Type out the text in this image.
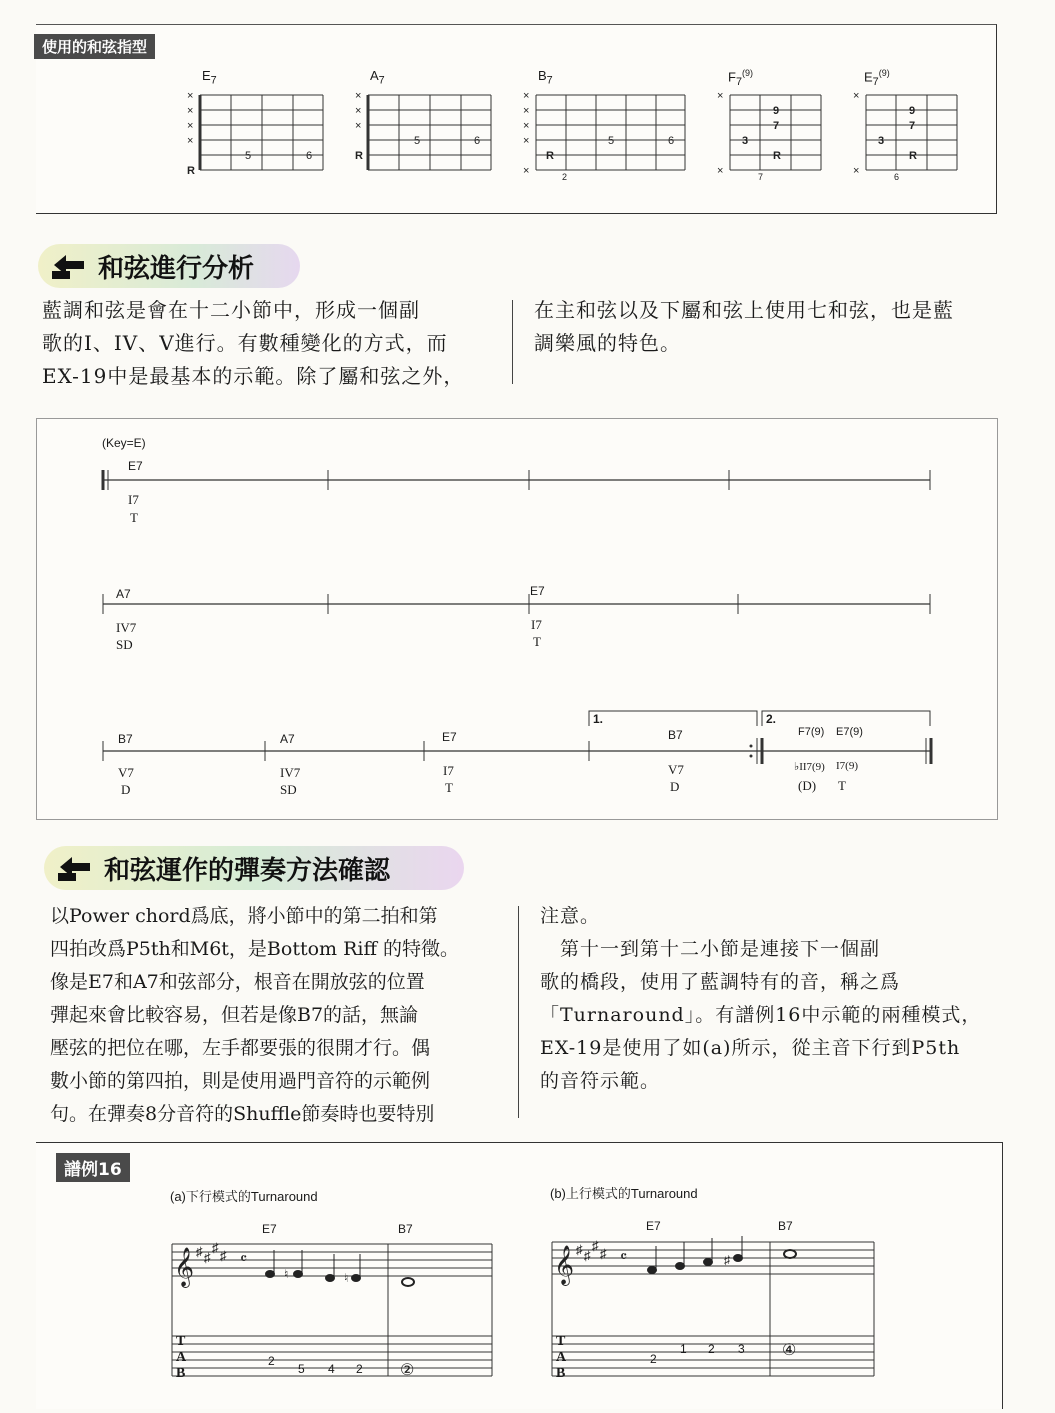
使用的和弦指型
$E_7$	$A_7$	$B_7$	$F_7^{(9)}$	$E_7^{(9)}$
×
×
×
×
R
5	6
×
×
×
R
5	6
×
×
×
×
×
R
5	6
2
×
×
9
7
3
R
7
×
×
9
7
3
R
6
和弦進行分析
藍調和弦是會在十二小節中，形成一個副
歌的I、IV、V進行。有數種變化的方式，而
EX-19中是最基本的示範。除了屬和弦之外，
在主和弦以及下屬和弦上使用七和弦，也是藍
調樂風的特色。
(Key=E)
1.	2.
E7
I7
T
A7
IV7
SD
E7
I7
T
B7
V7
D
A7
IV7
SD
E7
I7
T
B7
V7
D
F7(9)
♭II7(9)
(D)
E7(9)
I7(9)
T
和弦運作的彈奏方法確認
以Power chord爲底，將小節中的第二拍和第
四拍改爲P5th和M6t，是Bottom Riff 的特徵。
像是E7和A7和弦部分，根音在開放弦的位置
彈起來會比較容易，但若是像B7的話，無論
壓弦的把位在哪，左手都要張的很開才行。偶
數小節的第四拍，則是使用過門音符的示範例
句。在彈奏8分音符的Shuffle節奏時也要特別
注意。
　第十一到第十二小節是連接下一個副
歌的橋段，使用了藍調特有的音，稱之爲
「Turnaround」。有譜例16中示範的兩種模式，
EX-19是使用了如(a)所示，從主音下行到P5th
的音符示範。
譜例16
(a)下行模式的Turnaround	(b)上行模式的Turnaround
E7	B7	E7	B7
𝄞	𝄞
♯ ♯
♯
♯ 𝄴
♯ ♯
♯
♯ 𝄴
♮	♮
♯
T
A
B
T
A
B
2
5 4 2 ②
2
1 2 3 ④
